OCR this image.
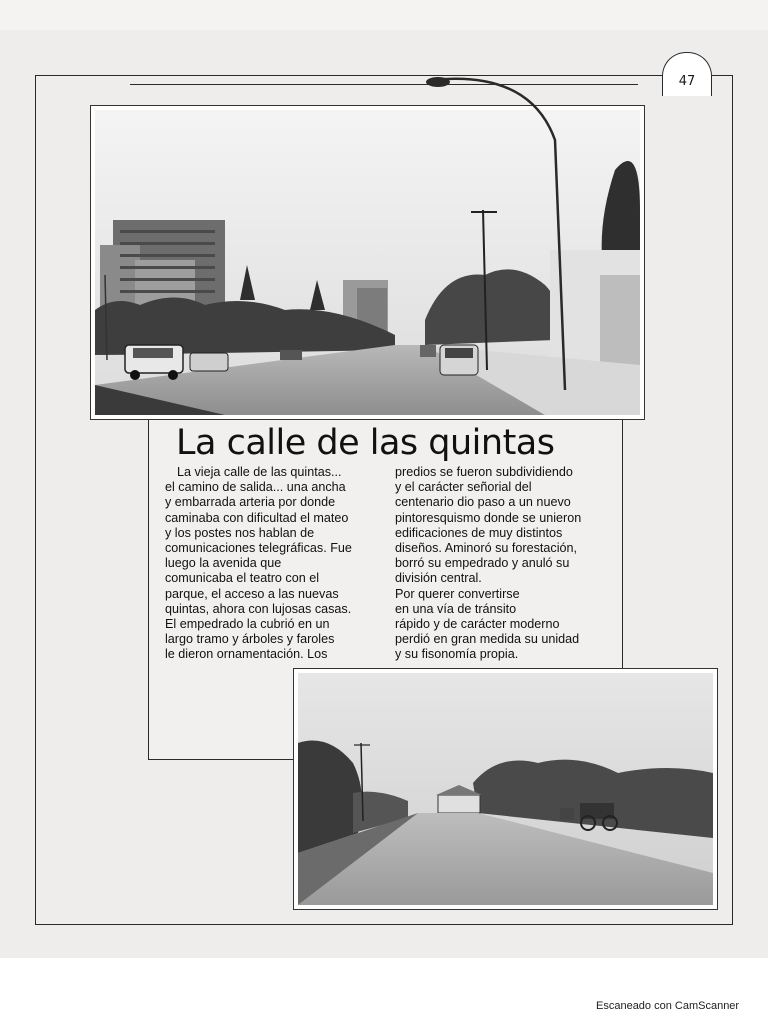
47
La calle de las quintas
La vieja calle de las quintas...
el camino de salida... una ancha
y embarrada arteria por donde
caminaba con dificultad el mateo
y los postes nos hablan de
comunicaciones telegráficas. Fue
luego la avenida que
comunicaba el teatro con el
parque, el acceso a las nuevas
quintas, ahora con lujosas casas.
El empedrado la cubrió en un
largo tramo y árboles y faroles
le dieron ornamentación. Los
predios se fueron subdividiendo
y el carácter señorial del
centenario dio paso a un nuevo
pintoresquismo donde se unieron
edificaciones de muy distintos
diseños. Aminoró su forestación,
borró su empedrado y anuló su
división central.
Por querer convertirse
en una vía de tránsito
rápido y de carácter moderno
perdió en gran medida su unidad
y su fisonomía propia.
Escaneado con CamScanner
